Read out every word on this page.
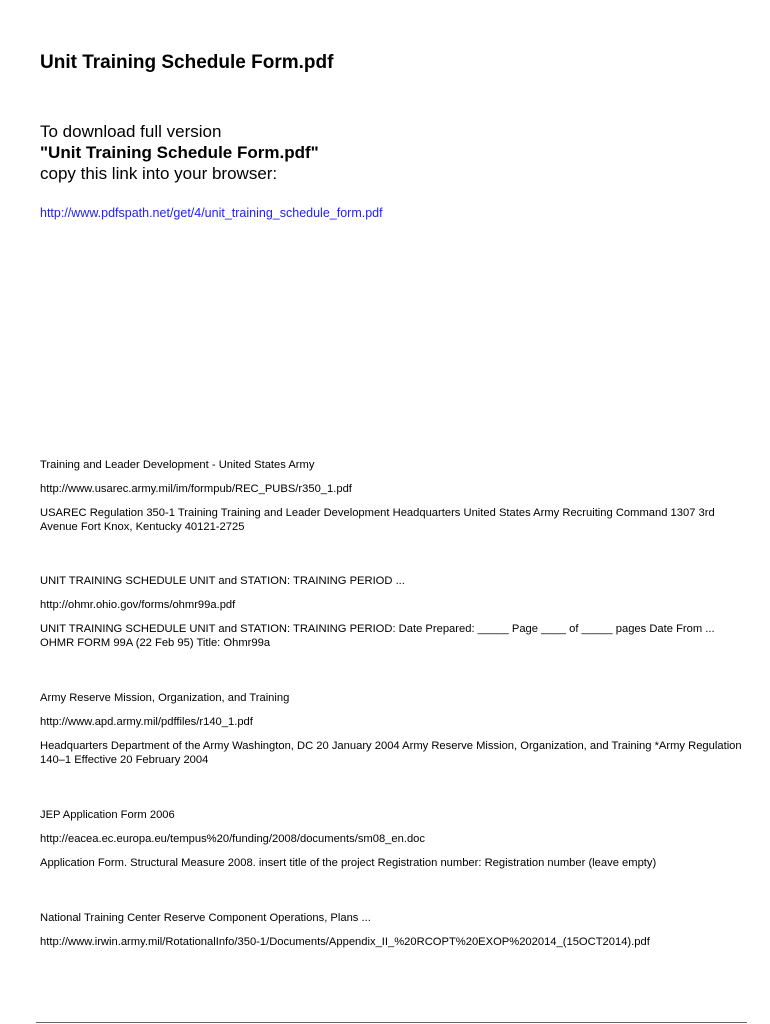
Unit Training Schedule Form.pdf
To download full version
"Unit Training Schedule Form.pdf"
copy this link into your browser:
http://www.pdfspath.net/get/4/unit_training_schedule_form.pdf
Training and Leader Development - United States Army
http://www.usarec.army.mil/im/formpub/REC_PUBS/r350_1.pdf
USAREC Regulation 350-1 Training Training and Leader Development Headquarters United States Army Recruiting Command 1307 3rd Avenue Fort Knox, Kentucky 40121-2725
UNIT TRAINING SCHEDULE UNIT and STATION: TRAINING PERIOD ...
http://ohmr.ohio.gov/forms/ohmr99a.pdf
UNIT TRAINING SCHEDULE UNIT and STATION: TRAINING PERIOD: Date Prepared: _____ Page ____ of _____ pages Date From ... OHMR FORM 99A (22 Feb 95) Title: Ohmr99a
Army Reserve Mission, Organization, and Training
http://www.apd.army.mil/pdffiles/r140_1.pdf
Headquarters Department of the Army Washington, DC 20 January 2004 Army Reserve Mission, Organization, and Training *Army Regulation 140–1 Effective 20 February 2004
JEP Application Form 2006
http://eacea.ec.europa.eu/tempus%20/funding/2008/documents/sm08_en.doc
Application Form. Structural Measure 2008. insert title of the project Registration number: Registration number (leave empty)
National Training Center Reserve Component Operations, Plans ...
http://www.irwin.army.mil/RotationalInfo/350-1/Documents/Appendix_II_%20RCOPT%20EXOP%202014_(15OCT2014).pdf
